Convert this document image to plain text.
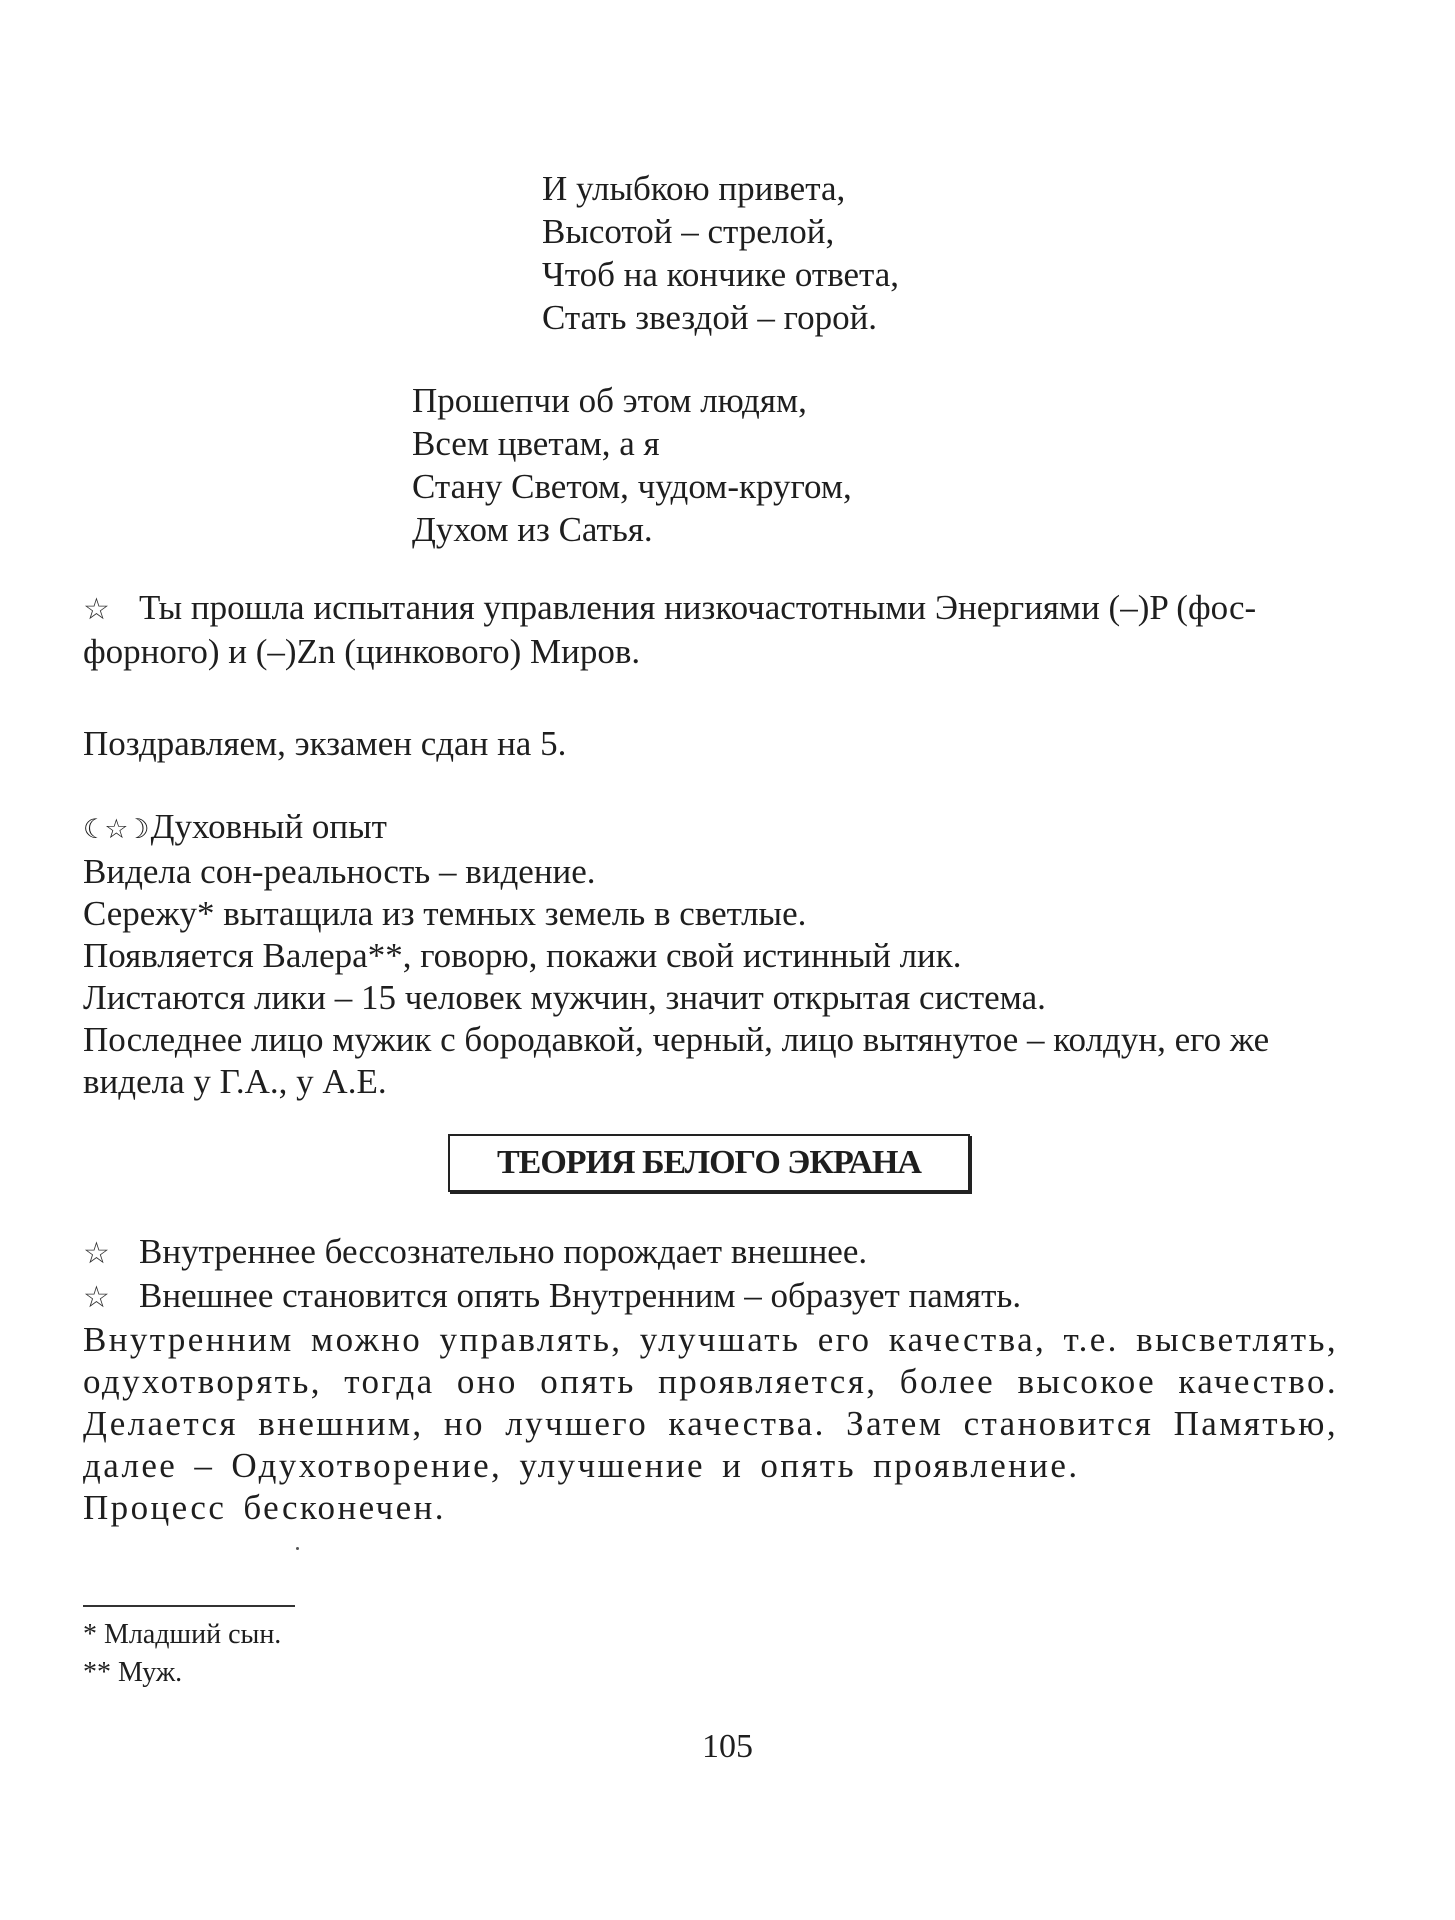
И улыбкою привета,
Высотой – стрелой,
Чтоб на кончике ответа,
Стать звездой – горой.
Прошепчи об этом людям,
Всем цветам, а я
Стану Светом, чудом-кругом,
Духом из Сатья.
☆ Ты прошла испытания управления низкочастотными Энергиями (–)P (фос-
форного) и (–)Zn (цинкового) Миров.
Поздравляем, экзамен сдан на 5.
☾☆☽ Духовный опыт
Видела сон-реальность – видение.
Сережу* вытащила из темных земель в светлые.
Появляется Валера**, говорю, покажи свой истинный лик.
Листаются лики – 15 человек мужчин, значит открытая система.
Последнее лицо мужик с бородавкой, черный, лицо вытянутое – колдун, его же
видела у Г.А., у А.Е.
ТЕОРИЯ БЕЛОГО ЭКРАНА
☆ Внутреннее бессознательно порождает внешнее.
☆ Внешнее становится опять Внутренним – образует память.
Внутренним можно управлять, улучшать его качества, т.е. высветлять,
одухотворять, тогда оно опять проявляется, более высокое качество.
Делается внешним, но лучшего качества. Затем становится Памятью,
далее – Одухотворение, улучшение и опять проявление.
Процесс бесконечен.
* Младший сын.
** Муж.
105
